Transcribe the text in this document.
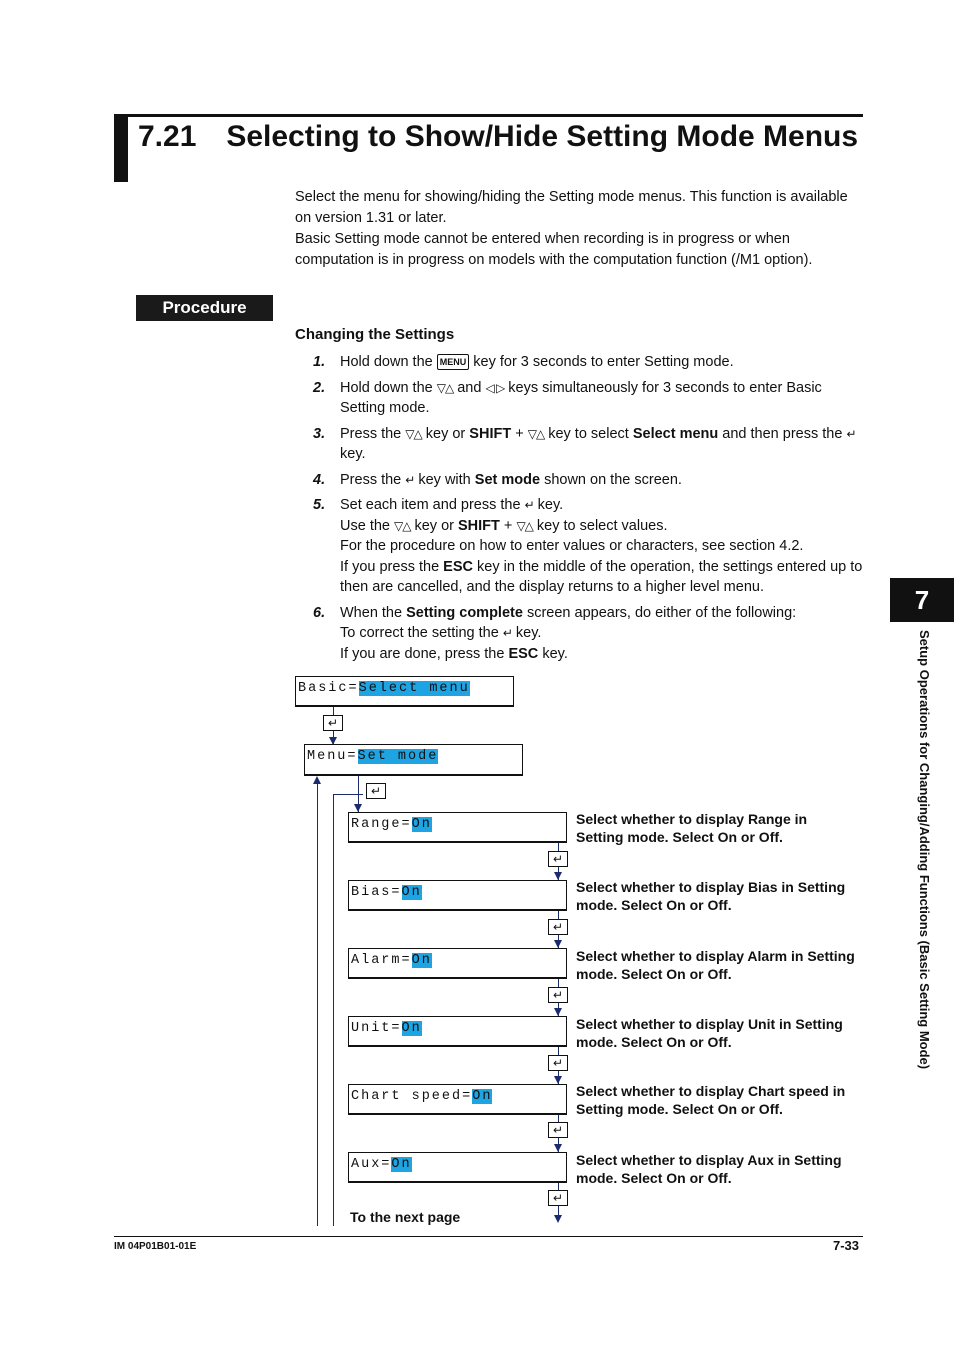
7.21 Selecting to Show/Hide Setting Mode Menus

Select the menu for showing/hiding the Setting mode menus. This function is available on version 1.31 or later.

Basic Setting mode cannot be entered when recording is in progress or when computation is in progress on models with the computation function (/M1 option).

Procedure
Changing the Settings
1. Hold down the MENU key for 3 seconds to enter Setting mode.
2. Hold down the ▽△ and ◁ ▷ keys simultaneously for 3 seconds to enter Basic Setting mode.
3. Press the ▽△ key or SHIFT + ▽△ key to select Select menu and then press the ↵ key.
4. Press the ↵ key with Set mode shown on the screen.
5. Set each item and press the ↵ key.
Use the ▽△ key or SHIFT + ▽△ key to select values.
For the procedure on how to enter values or characters, see section 4.2.
If you press the ESC key in the middle of the operation, the settings entered up to then are cancelled, and the display returns to a higher level menu.
6. When the Setting complete screen appears, do either of the following:
To correct the setting the ↵ key.
If you are done, press the ESC key.
Basic=Select menu
↵
Menu=Set mode
↵
Range=On	Select whether to display Range in Setting mode. Select On or Off.
↵
Bias=On	Select whether to display Bias in Setting mode. Select On or Off.
↵
Alarm=On	Select whether to display Alarm in Setting mode. Select On or Off.
↵
Unit=On	Select whether to display Unit in Setting mode. Select On or Off.
↵
Chart speed=On	Select whether to display Chart speed in Setting mode. Select On or Off.
↵
Aux=On	Select whether to display Aux in Setting mode. Select On or Off.
↵
To the next page
7
Setup Operations for Changing/Adding Functions (Basic Setting Mode)
IM 04P01B01-01E	7-33
